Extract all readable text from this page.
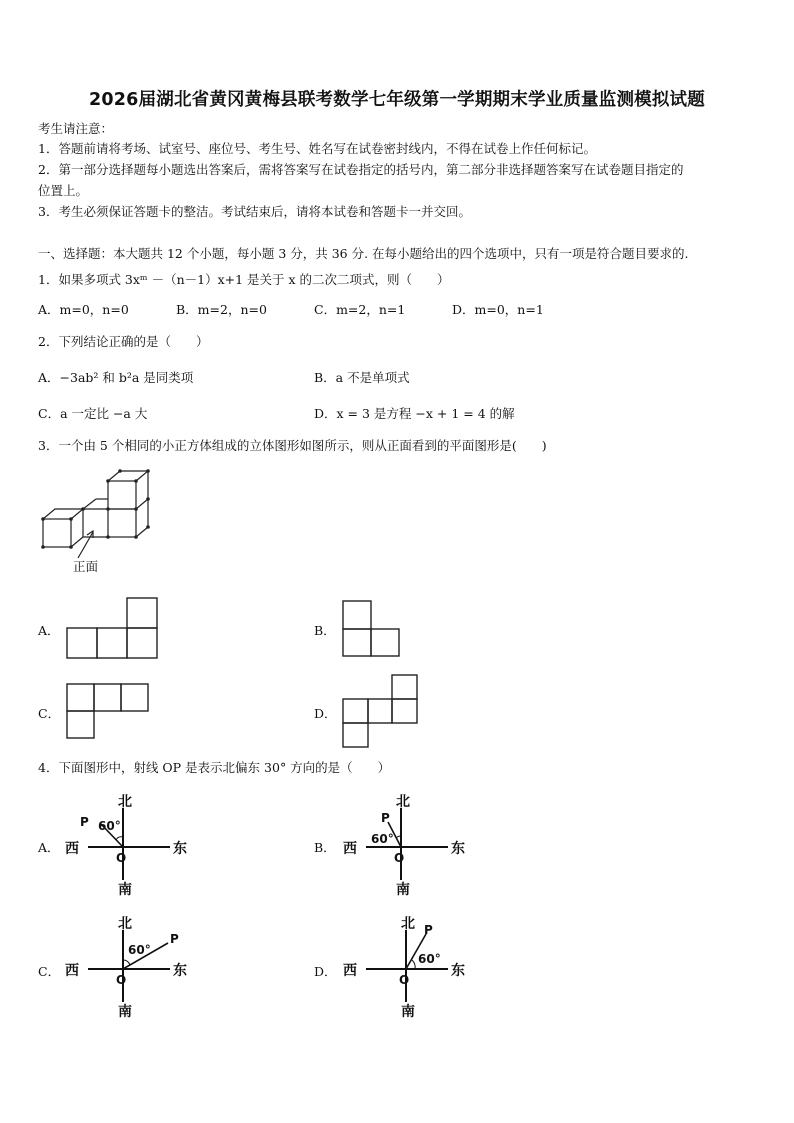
2026届湖北省黄冈黄梅县联考数学七年级第一学期期末学业质量监测模拟试题
考生请注意：
1．答题前请将考场、试室号、座位号、考生号、姓名写在试卷密封线内，不得在试卷上作任何标记。
2．第一部分选择题每小题选出答案后，需将答案写在试卷指定的括号内，第二部分非选择题答案写在试卷题目指定的
位置上。
3．考生必须保证答题卡的整洁。考试结束后，请将本试卷和答题卡一并交回。
一、选择题：本大题共 12 个小题，每小题 3 分，共 36 分. 在每小题给出的四个选项中，只有一项是符合题目要求的.
1．如果多项式 3xᵐ －（n－1）x+1 是关于 x 的二次二项式，则（　　）
A．m=0，n=0	B．m=2，n=0	C．m=2，n=1	D．m=0，n=1
2．下列结论正确的是（　　）
A．−3ab² 和 b²a 是同类项	B．a 不是单项式
C．a 一定比 −a 大	D．x = 3 是方程 −x + 1 = 4 的解
3．一个由 5 个相同的小正方体组成的立体图形如图所示，则从正面看到的平面图形是(　　)
正面
A．	B．
C．	D．
4．下面图形中，射线 OP 是表示北偏东 30° 方向的是（　　）
A．
北
南
西	东
O
P 60°
B．
北
南
西	东
O
P
60°
C．
北
南
西	东
O
P
60°
D．
北
南
西	东
O
P
60°
